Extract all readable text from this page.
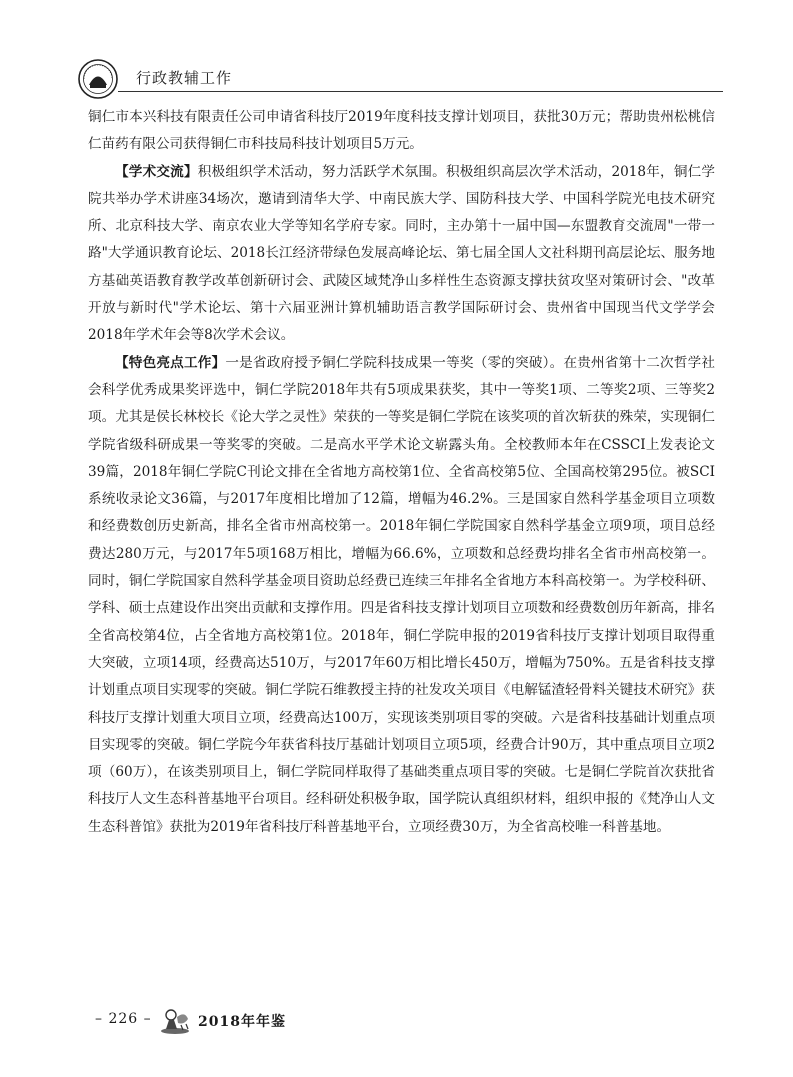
行政教辅工作

铜仁市本兴科技有限责任公司申请省科技厅2019年度科技支撑计划项目，获批30万元；帮助贵州松桃信仁苗药有限公司获得铜仁市科技局科技计划项目5万元。

【学术交流】积极组织学术活动，努力活跃学术氛围。积极组织高层次学术活动，2018年，铜仁学院共举办学术讲座34场次，邀请到清华大学、中南民族大学、国防科技大学、中国科学院光电技术研究所、北京科技大学、南京农业大学等知名学府专家。同时，主办第十一届中国—东盟教育交流周"一带一路"大学通识教育论坛、2018长江经济带绿色发展高峰论坛、第七届全国人文社科期刊高层论坛、服务地方基础英语教育教学改革创新研讨会、武陵区域梵净山多样性生态资源支撑扶贫攻坚对策研讨会、"改革开放与新时代"学术论坛、第十六届亚洲计算机辅助语言教学国际研讨会、贵州省中国现当代文学学会2018年学术年会等8次学术会议。

【特色亮点工作】一是省政府授予铜仁学院科技成果一等奖（零的突破）。在贵州省第十二次哲学社会科学优秀成果奖评选中，铜仁学院2018年共有5项成果获奖，其中一等奖1项、二等奖2项、三等奖2项。尤其是侯长林校长《论大学之灵性》荣获的一等奖是铜仁学院在该奖项的首次斩获的殊荣，实现铜仁学院省级科研成果一等奖零的突破。二是高水平学术论文崭露头角。全校教师本年在CSSCI上发表论文39篇，2018年铜仁学院C刊论文排在全省地方高校第1位、全省高校第5位、全国高校第295位。被SCI系统收录论文36篇，与2017年度相比增加了12篇，增幅为46.2%。三是国家自然科学基金项目立项数和经费数创历史新高，排名全省市州高校第一。2018年铜仁学院国家自然科学基金立项9项，项目总经费达280万元，与2017年5项168万相比，增幅为66.6%，立项数和总经费均排名全省市州高校第一。同时，铜仁学院国家自然科学基金项目资助总经费已连续三年排名全省地方本科高校第一。为学校科研、学科、硕士点建设作出突出贡献和支撑作用。四是省科技支撑计划项目立项数和经费数创历年新高，排名全省高校第4位，占全省地方高校第1位。2018年，铜仁学院申报的2019省科技厅支撑计划项目取得重大突破，立项14项，经费高达510万，与2017年60万相比增长450万，增幅为750%。五是省科技支撑计划重点项目实现零的突破。铜仁学院石维教授主持的社发攻关项目《电解锰渣轻骨料关键技术研究》获科技厅支撑计划重大项目立项，经费高达100万，实现该类别项目零的突破。六是省科技基础计划重点项目实现零的突破。铜仁学院今年获省科技厅基础计划项目立项5项，经费合计90万，其中重点项目立项2项（60万），在该类别项目上，铜仁学院同样取得了基础类重点项目零的突破。七是铜仁学院首次获批省科技厅人文生态科普基地平台项目。经科研处积极争取，国学院认真组织材料，组织申报的《梵净山人文生态科普馆》获批为2019年省科技厅科普基地平台，立项经费30万，为全省高校唯一科普基地。

– 226 –	2018年年鉴
